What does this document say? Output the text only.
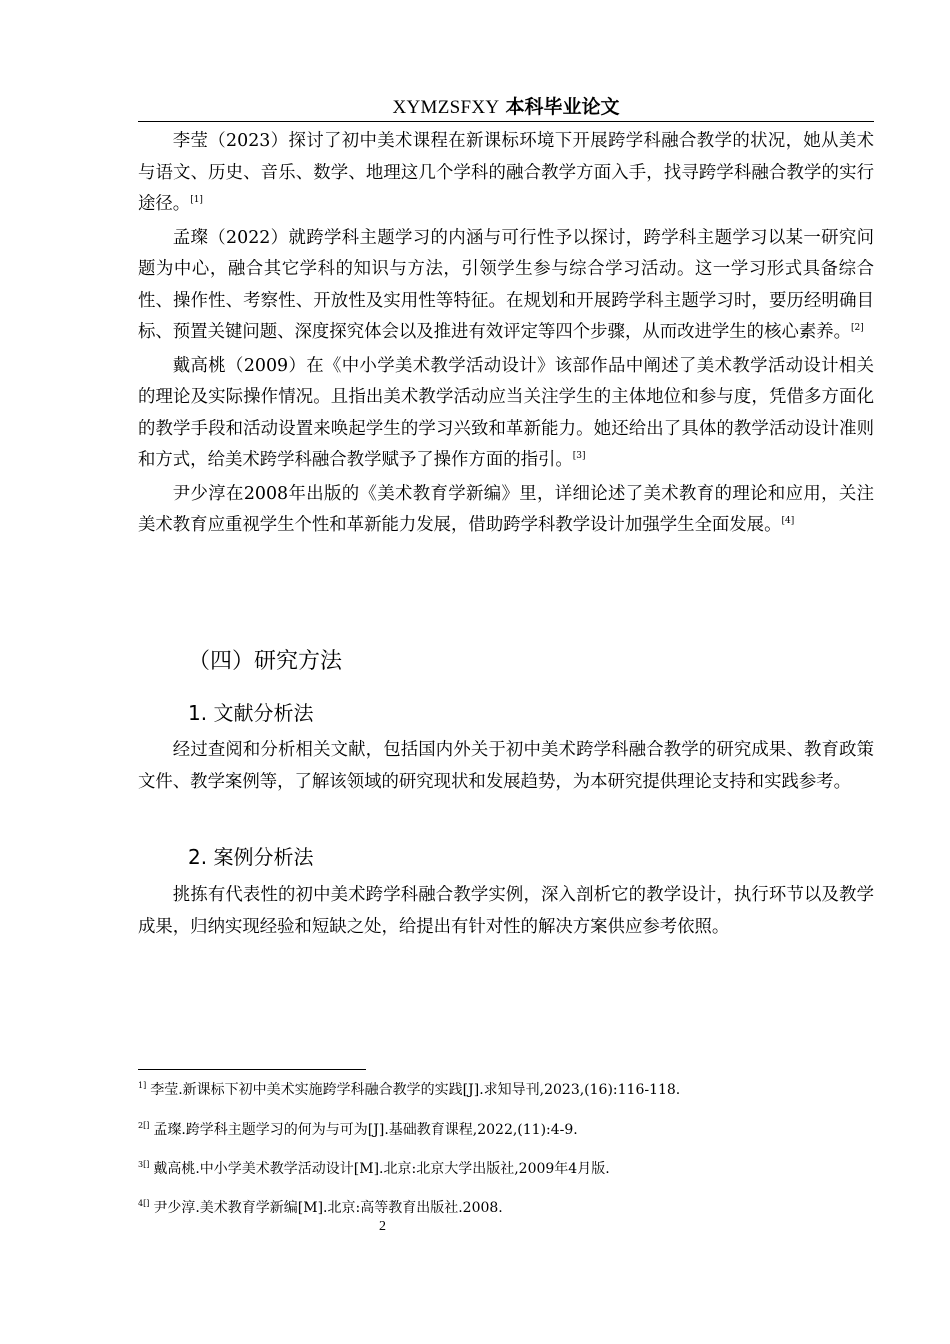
XYMZSFXY 本科毕业论文

李莹（2023）探讨了初中美术课程在新课标环境下开展跨学科融合教学的状况，她从美术与语文、历史、音乐、数学、地理这几个学科的融合教学方面入手，找寻跨学科融合教学的实行途径。[1]

孟璨（2022）就跨学科主题学习的内涵与可行性予以探讨，跨学科主题学习以某一研究问题为中心，融合其它学科的知识与方法，引领学生参与综合学习活动。这一学习形式具备综合性、操作性、考察性、开放性及实用性等特征。在规划和开展跨学科主题学习时，要历经明确目标、预置关键问题、深度探究体会以及推进有效评定等四个步骤，从而改进学生的核心素养。[2]

戴高桃（2009）在《中小学美术教学活动设计》该部作品中阐述了美术教学活动设计相关的理论及实际操作情况。且指出美术教学活动应当关注学生的主体地位和参与度，凭借多方面化的教学手段和活动设置来唤起学生的学习兴致和革新能力。她还给出了具体的教学活动设计准则和方式，给美术跨学科融合教学赋予了操作方面的指引。[3]

尹少淳在2008年出版的《美术教育学新编》里，详细论述了美术教育的理论和应用，关注美术教育应重视学生个性和革新能力发展，借助跨学科教学设计加强学生全面发展。[4]

（四）研究方法
1. 文献分析法

经过查阅和分析相关文献，包括国内外关于初中美术跨学科融合教学的研究成果、教育政策文件、教学案例等，了解该领域的研究现状和发展趋势，为本研究提供理论支持和实践参考。

2. 案例分析法

挑拣有代表性的初中美术跨学科融合教学实例，深入剖析它的教学设计，执行环节以及教学成果，归纳实现经验和短缺之处，给提出有针对性的解决方案供应参考依照。

$^{1]}$ 李莹.新课标下初中美术实施跨学科融合教学的实践[J].求知导刊,2023,(16):116-118.
$^{2[]}$ 孟璨.跨学科主题学习的何为与可为[J].基础教育课程,2022,(11):4-9.
$^{3[]}$ 戴高桃.中小学美术教学活动设计[M].北京:北京大学出版社,2009年4月版.
$^{4[]}$ 尹少淳.美术教育学新编[M].北京:高等教育出版社.2008.
2
